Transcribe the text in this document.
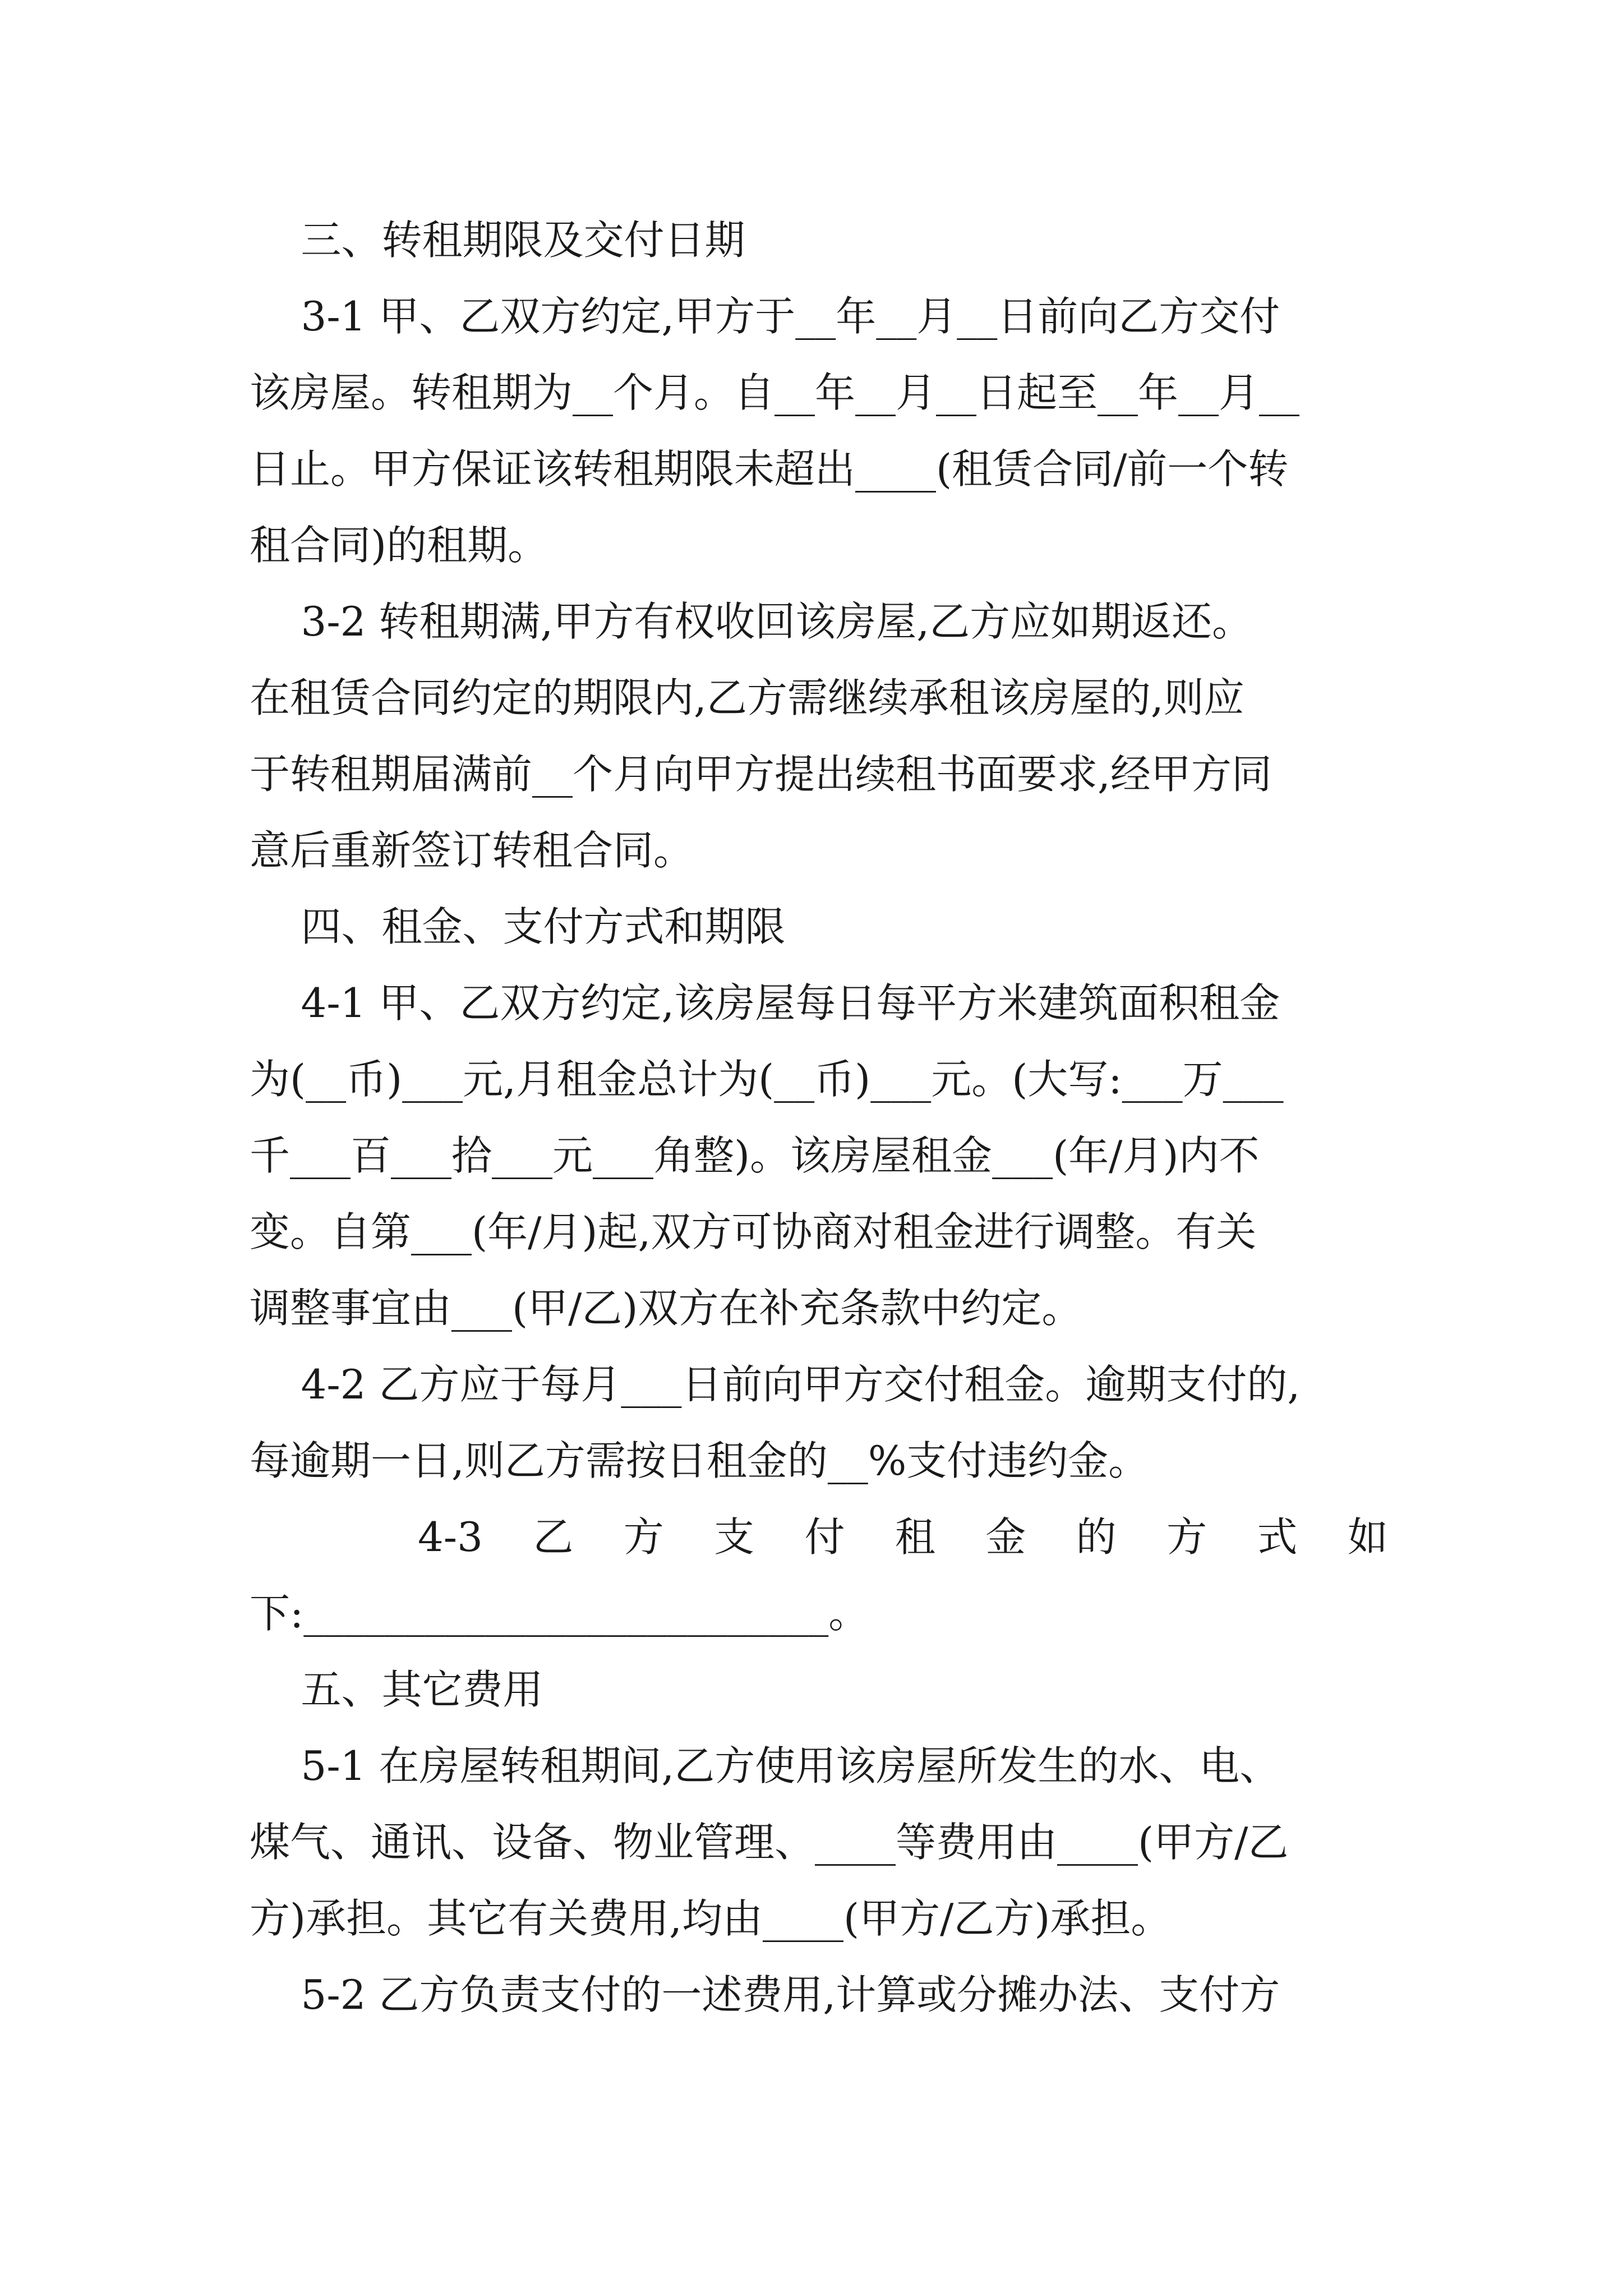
三、转租期限及交付日期
3-1 甲、乙双方约定,甲方于__年__月__日前向乙方交付
该房屋。转租期为__个月。自__年__月__日起至__年__月__
日止。甲方保证该转租期限未超出____(租赁合同/前一个转
租合同)的租期。
3-2 转租期满,甲方有权收回该房屋,乙方应如期返还。
在租赁合同约定的期限内,乙方需继续承租该房屋的,则应
于转租期届满前__个月向甲方提出续租书面要求,经甲方同
意后重新签订转租合同。
四、租金、支付方式和期限
4-1 甲、乙双方约定,该房屋每日每平方米建筑面积租金
为(__币)___元,月租金总计为(__币)___元。(大写:___万___
千___百___拾___元___角整)。该房屋租金___(年/月)内不
变。自第___(年/月)起,双方可协商对租金进行调整。有关
调整事宜由___(甲/乙)双方在补充条款中约定。
4-2 乙方应于每月___日前向甲方交付租金。逾期支付的,
每逾期一日,则乙方需按日租金的__%支付违约金。
4-3 乙 方 支 付 租 金 的 方 式 如
下:__________________________。
五、其它费用
5-1 在房屋转租期间,乙方使用该房屋所发生的水、电、
煤气、通讯、设备、物业管理、____等费用由____(甲方/乙
方)承担。其它有关费用,均由____(甲方/乙方)承担。
5-2 乙方负责支付的一述费用,计算或分摊办法、支付方
